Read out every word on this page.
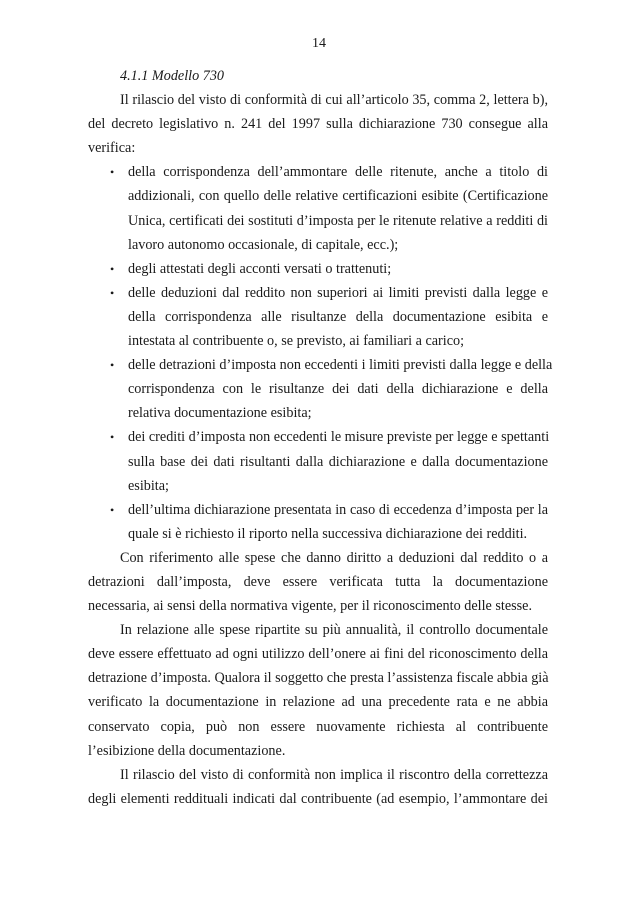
14
4.1.1 Modello 730
Il rilascio del visto di conformità di cui all’articolo 35, comma 2, lettera b),
del decreto legislativo n. 241 del 1997 sulla dichiarazione 730 consegue alla
verifica:
• della corrispondenza dell’ammontare delle ritenute, anche a titolo di
addizionali, con quello delle relative certificazioni esibite (Certificazione
Unica, certificati dei sostituti d’imposta per le ritenute relative a redditi di
lavoro autonomo occasionale, di capitale, ecc.);
• degli attestati degli acconti versati o trattenuti;
• delle deduzioni dal reddito non superiori ai limiti previsti dalla legge e
della corrispondenza alle risultanze della documentazione esibita e
intestata al contribuente o, se previsto, ai familiari a carico;
• delle detrazioni d’imposta non eccedenti i limiti previsti dalla legge e della
corrispondenza con le risultanze dei dati della dichiarazione e della
relativa documentazione esibita;
• dei crediti d’imposta non eccedenti le misure previste per legge e spettanti
sulla base dei dati risultanti dalla dichiarazione e dalla documentazione
esibita;
• dell’ultima dichiarazione presentata in caso di eccedenza d’imposta per la
quale si è richiesto il riporto nella successiva dichiarazione dei redditi.
Con riferimento alle spese che danno diritto a deduzioni dal reddito o a
detrazioni dall’imposta, deve essere verificata tutta la documentazione
necessaria, ai sensi della normativa vigente, per il riconoscimento delle stesse.
In relazione alle spese ripartite su più annualità, il controllo documentale
deve essere effettuato ad ogni utilizzo dell’onere ai fini del riconoscimento della
detrazione d’imposta. Qualora il soggetto che presta l’assistenza fiscale abbia già
verificato la documentazione in relazione ad una precedente rata e ne abbia
conservato copia, può non essere nuovamente richiesta al contribuente
l’esibizione della documentazione.
Il rilascio del visto di conformità non implica il riscontro della correttezza
degli elementi reddituali indicati dal contribuente (ad esempio, l’ammontare dei
